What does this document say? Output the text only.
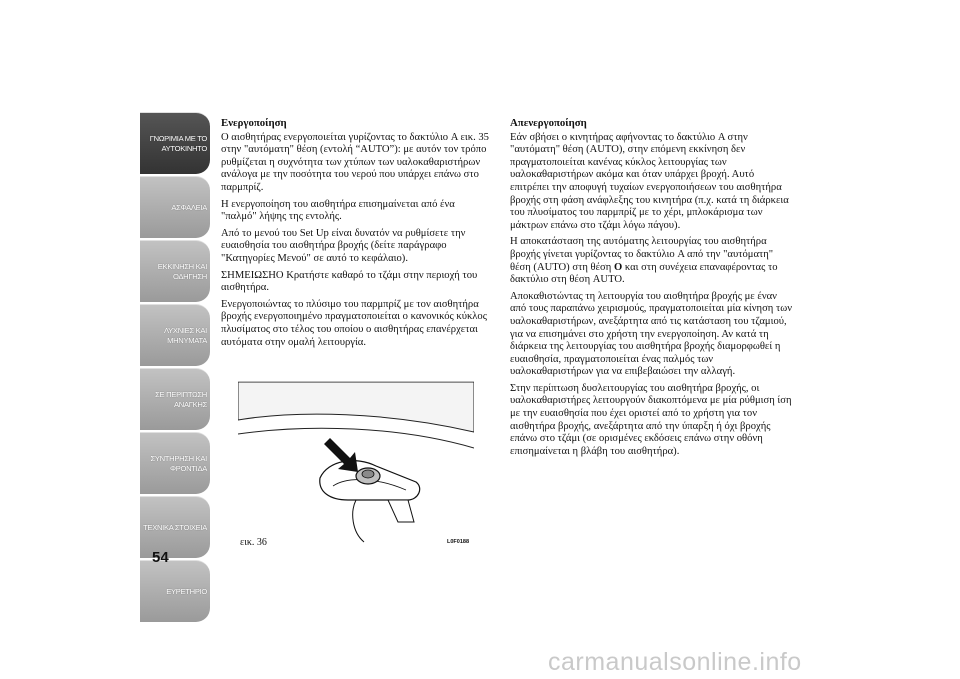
ΓΝΩΡΙΜΙΑ ΜΕ ΤΟ
ΑΥΤΟΚΙΝΗΤΟ
ΑΣΦΑΛΕΙΑ
ΕΚΚΙΝΗΣΗ ΚΑΙ
ΟΔΗΓΗΣΗ
ΛΥΧΝΙΕΣ ΚΑΙ
ΜΗΝΥΜΑΤΑ
ΣΕ ΠΕΡΙΠΤΩΣΗ
ΑΝΑΓΚΗΣ
ΣΥΝΤΗΡΗΣΗ ΚΑΙ
ΦΡΟΝΤΙΔΑ
ΤΕΧΝΙΚΑ ΣΤΟΙΧΕΙΑ
ΕΥΡΕΤΗΡΙΟ
54
Ενεργοποίηση

Ο αισθητήρας ενεργοποιείται γυρίζοντας το δακτύλιο A εικ. 35 στην "αυτόματη" θέση (εντολή “AUTO”): με αυτόν τον τρόπο ρυθμίζεται η συχνότητα των χτύπων των υαλοκαθαριστήρων ανάλογα με την ποσότητα του νερού που υπάρχει επάνω στο παρμπρίζ.

Η ενεργοποίηση του αισθητήρα επισημαίνεται από ένα "παλμό" λήψης της εντολής.

Από το μενού του Set Up είναι δυνατόν να ρυθμίσετε την ευαισθησία του αισθητήρα βροχής (δείτε παράγραφο "Κατηγορίες Μενού" σε αυτό το κεφάλαιο).

ΣΗΜΕΙΩΣΗΟ Κρατήστε καθαρό το τζάμι στην περιοχή του αισθητήρα.

Ενεργοποιώντας το πλύσιμο του παρμπρίζ με τον αισθητήρα βροχής ενεργοποιημένο πραγματοποιείται ο κανονικός κύκλος πλυσίματος στο τέλος του οποίου ο αισθητήρας επανέρχεται αυτόματα στην ομαλή λειτουργία.

εικ. 36	L0F0188
Απενεργοποίηση

Εάν σβήσει ο κινητήρας αφήνοντας το δακτύλιο A στην "αυτόματη" θέση (AUTO), στην επόμενη εκκίνηση δεν πραγματοποιείται κανένας κύκλος λειτουργίας των υαλοκαθαριστήρων ακόμα και όταν υπάρχει βροχή. Αυτό επιτρέπει την αποφυγή τυχαίων ενεργοποιήσεων του αισθητήρα βροχής στη φάση ανάφλεξης του κινητήρα (π.χ. κατά τη διάρκεια του πλυσίματος του παρμπρίζ με το χέρι, μπλοκάρισμα των μάκτρων επάνω στο τζάμι λόγω πάγου).

Η αποκατάσταση της αυτόματης λειτουργίας του αισθητήρα βροχής γίνεται γυρίζοντας το δακτύλιο A από την "αυτόματη" θέση (AUTO) στη θέση O και στη συνέχεια επαναφέροντας το δακτύλιο στη θέση AUTO.

Αποκαθιστώντας τη λειτουργία του αισθητήρα βροχής με έναν από τους παραπάνω χειρισμούς, πραγματοποιείται μία κίνηση των υαλοκαθαριστήρων, ανεξάρτητα από τις κατάσταση του τζαμιού, για να επισημάνει στο χρήστη την ενεργοποίηση. Αν κατά τη διάρκεια της λειτουργίας του αισθητήρα βροχής διαμορφωθεί η ευαισθησία, πραγματοποιείται ένας παλμός των υαλοκαθαριστήρων για να επιβεβαιώσει την αλλαγή.

Στην περίπτωση δυσλειτουργίας του αισθητήρα βροχής, οι υαλοκαθαριστήρες λειτουργούν διακοπτόμενα με μία ρύθμιση ίση με την ευαισθησία που έχει οριστεί από το χρήστη για τον αισθητήρα βροχής, ανεξάρτητα από την ύπαρξη ή όχι βροχής επάνω στο τζάμι (σε ορισμένες εκδόσεις επάνω στην οθόνη επισημαίνεται η βλάβη του αισθητήρα).

carmanualsonline.info
